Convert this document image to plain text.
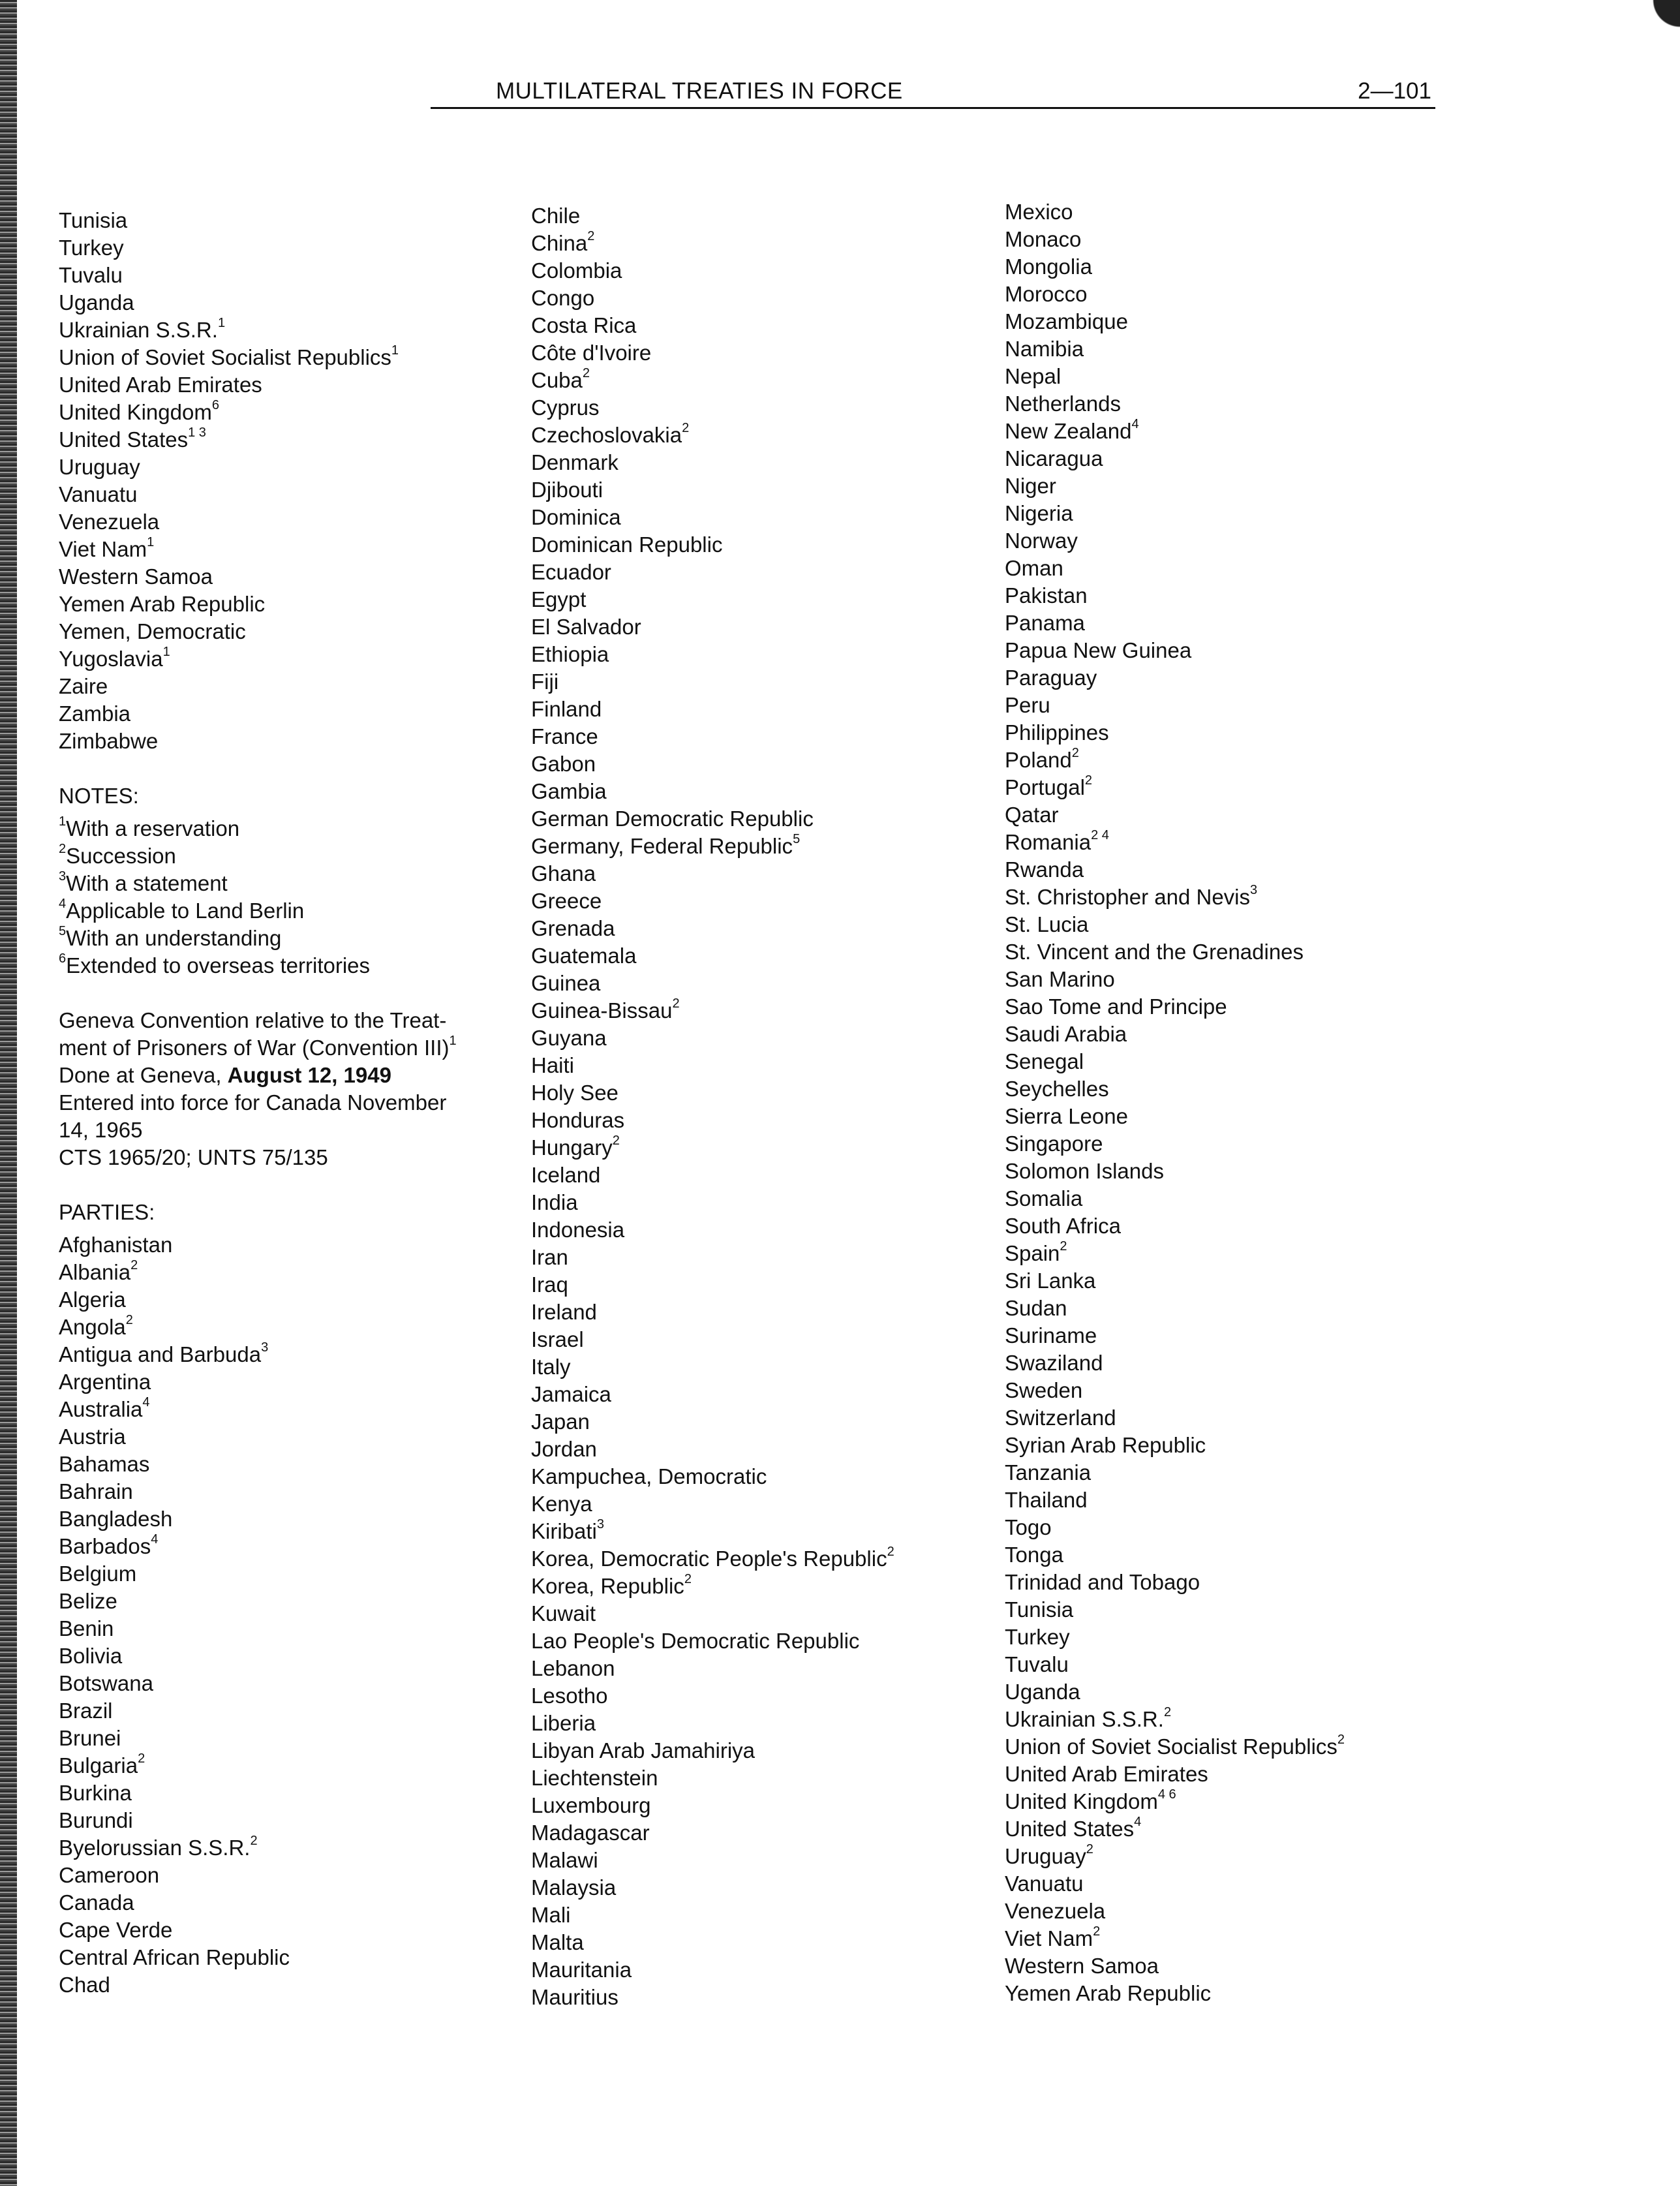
MULTILATERAL TREATIES IN FORCE	2—101
Tunisia
Turkey
Tuvalu
Uganda
Ukrainian S.S.R.$^1$
Union of Soviet Socialist Republics$^1$
United Arab Emirates
United Kingdom$^6$
United States$^{1 3}$
Uruguay
Vanuatu
Venezuela
Viet Nam$^1$
Western Samoa
Yemen Arab Republic
Yemen, Democratic
Yugoslavia$^1$
Zaire
Zambia
Zimbabwe
NOTES:
$^1$With a reservation
$^2$Succession
$^3$With a statement
$^4$Applicable to Land Berlin
$^5$With an understanding
$^6$Extended to overseas territories
Geneva Convention relative to the Treat-
ment of Prisoners of War (Convention III)$^1$
Done at Geneva, August 12, 1949
Entered into force for Canada November
14, 1965
CTS 1965/20; UNTS 75/135
PARTIES:
Afghanistan
Albania$^2$
Algeria
Angola$^2$
Antigua and Barbuda$^3$
Argentina
Australia$^4$
Austria
Bahamas
Bahrain
Bangladesh
Barbados$^4$
Belgium
Belize
Benin
Bolivia
Botswana
Brazil
Brunei
Bulgaria$^2$
Burkina
Burundi
Byelorussian S.S.R.$^2$
Cameroon
Canada
Cape Verde
Central African Republic
Chad
Chile
China$^2$
Colombia
Congo
Costa Rica
Côte d'Ivoire
Cuba$^2$
Cyprus
Czechoslovakia$^2$
Denmark
Djibouti
Dominica
Dominican Republic
Ecuador
Egypt
El Salvador
Ethiopia
Fiji
Finland
France
Gabon
Gambia
German Democratic Republic
Germany, Federal Republic$^5$
Ghana
Greece
Grenada
Guatemala
Guinea
Guinea-Bissau$^2$
Guyana
Haiti
Holy See
Honduras
Hungary$^2$
Iceland
India
Indonesia
Iran
Iraq
Ireland
Israel
Italy
Jamaica
Japan
Jordan
Kampuchea, Democratic
Kenya
Kiribati$^3$
Korea, Democratic People's Republic$^2$
Korea, Republic$^2$
Kuwait
Lao People's Democratic Republic
Lebanon
Lesotho
Liberia
Libyan Arab Jamahiriya
Liechtenstein
Luxembourg
Madagascar
Malawi
Malaysia
Mali
Malta
Mauritania
Mauritius
Mexico
Monaco
Mongolia
Morocco
Mozambique
Namibia
Nepal
Netherlands
New Zealand$^4$
Nicaragua
Niger
Nigeria
Norway
Oman
Pakistan
Panama
Papua New Guinea
Paraguay
Peru
Philippines
Poland$^2$
Portugal$^2$
Qatar
Romania$^{2 4}$
Rwanda
St. Christopher and Nevis$^3$
St. Lucia
St. Vincent and the Grenadines
San Marino
Sao Tome and Principe
Saudi Arabia
Senegal
Seychelles
Sierra Leone
Singapore
Solomon Islands
Somalia
South Africa
Spain$^2$
Sri Lanka
Sudan
Suriname
Swaziland
Sweden
Switzerland
Syrian Arab Republic
Tanzania
Thailand
Togo
Tonga
Trinidad and Tobago
Tunisia
Turkey
Tuvalu
Uganda
Ukrainian S.S.R.$^2$
Union of Soviet Socialist Republics$^2$
United Arab Emirates
United Kingdom$^{4 6}$
United States$^4$
Uruguay$^2$
Vanuatu
Venezuela
Viet Nam$^2$
Western Samoa
Yemen Arab Republic
